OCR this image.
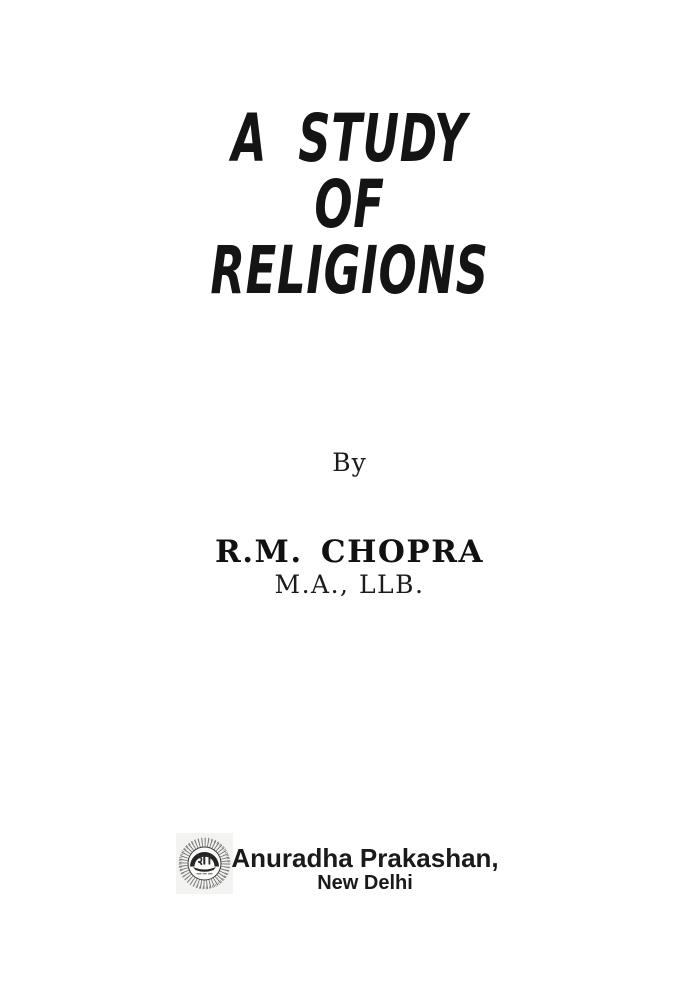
A STUDY
OF
RELIGIONS
By
R.M. CHOPRA
M.A., LLB.
Anuradha Prakashan,
New Delhi
